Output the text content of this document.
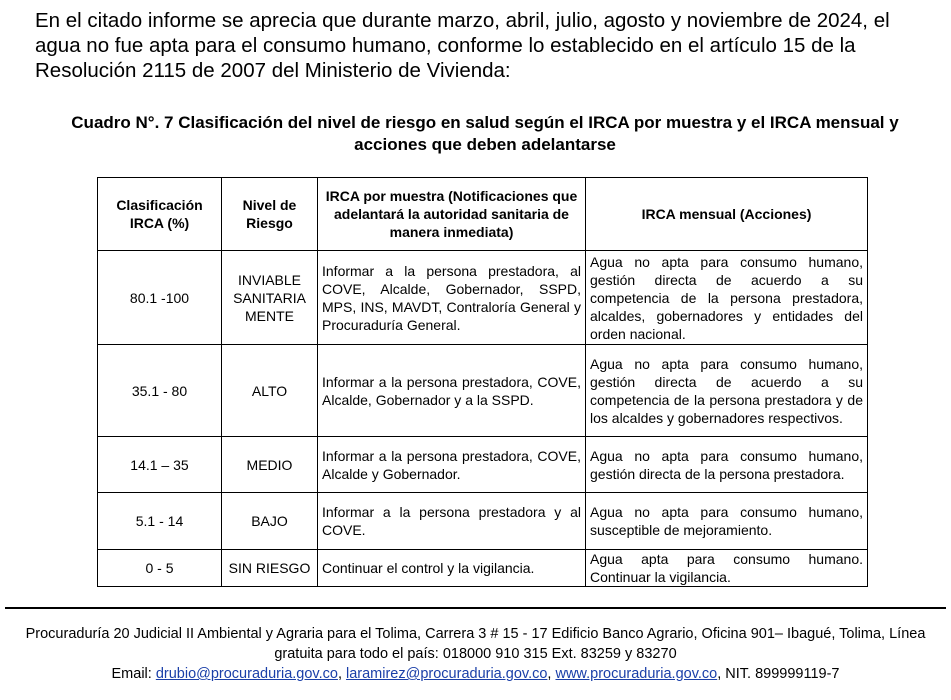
En el citado informe se aprecia que durante marzo, abril, julio, agosto y noviembre de 2024, el agua no fue apta para el consumo humano, conforme lo establecido en el artículo 15 de la Resolución 2115 de 2007 del Ministerio de Vivienda:

Cuadro N°. 7 Clasificación del nivel de riesgo en salud según el IRCA por muestra y el IRCA mensual y acciones que deben adelantarse

Clasificación IRCA (%)	Nivel de Riesgo	IRCA por muestra (Notificaciones que adelantará la autoridad sanitaria de manera inmediata)	IRCA mensual (Acciones)
80.1 -100	INVIABLE SANITARIA MENTE	Informar a la persona prestadora, al COVE, Alcalde, Gobernador, SSPD, MPS, INS, MAVDT, Contraloría General y Procuraduría General.	Agua no apta para consumo humano, gestión directa de acuerdo a su competencia de la persona prestadora, alcaldes, gobernadores y entidades del orden nacional.
35.1 - 80	ALTO	Informar a la persona prestadora, COVE, Alcalde, Gobernador y a la SSPD.	Agua no apta para consumo humano, gestión directa de acuerdo a su competencia de la persona prestadora y de los alcaldes y gobernadores respectivos.
14.1 – 35	MEDIO	Informar a la persona prestadora, COVE, Alcalde y Gobernador.	Agua no apta para consumo humano, gestión directa de la persona prestadora.
5.1 - 14	BAJO	Informar a la persona prestadora y al COVE.	Agua no apta para consumo humano, susceptible de mejoramiento.
0 - 5	SIN RIESGO	Continuar el control y la vigilancia.	Agua apta para consumo humano. Continuar la vigilancia.

Procuraduría 20 Judicial II Ambiental y Agraria para el Tolima, Carrera 3 # 15 - 17 Edificio Banco Agrario, Oficina 901– Ibagué, Tolima, Línea gratuita para todo el país: 018000 910 315 Ext. 83259 y 83270

Email: drubio@procuraduria.gov.co, laramirez@procuraduria.gov.co, www.procuraduria.gov.co, NIT. 899999119-7
